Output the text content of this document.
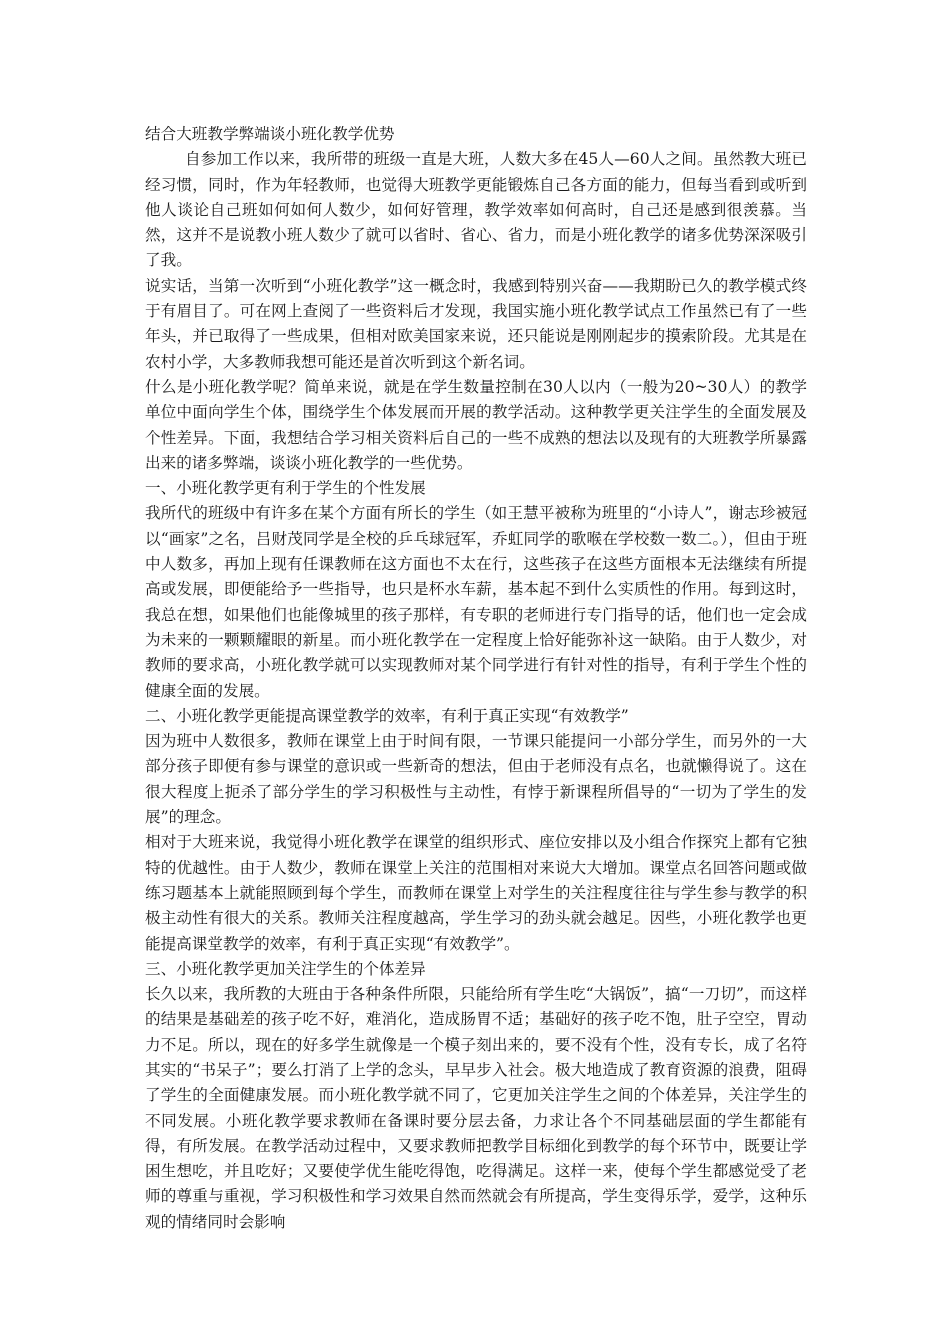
结合大班教学弊端谈小班化教学优势

自参加工作以来，我所带的班级一直是大班，人数大多在45人—60人之间。虽然教大班已经习惯，同时，作为年轻教师，也觉得大班教学更能锻炼自己各方面的能力，但每当看到或听到他人谈论自己班如何如何人数少，如何好管理，教学效率如何高时，自己还是感到很羡慕。当然，这并不是说教小班人数少了就可以省时、省心、省力，而是小班化教学的诸多优势深深吸引了我。

说实话，当第一次听到“小班化教学”这一概念时，我感到特别兴奋——我期盼已久的教学模式终于有眉目了。可在网上查阅了一些资料后才发现，我国实施小班化教学试点工作虽然已有了一些年头，并已取得了一些成果，但相对欧美国家来说，还只能说是刚刚起步的摸索阶段。尤其是在农村小学，大多教师我想可能还是首次听到这个新名词。

什么是小班化教学呢？简单来说，就是在学生数量控制在30人以内（一般为20~30人）的教学单位中面向学生个体，围绕学生个体发展而开展的教学活动。这种教学更关注学生的全面发展及个性差异。下面，我想结合学习相关资料后自己的一些不成熟的想法以及现有的大班教学所暴露出来的诸多弊端，谈谈小班化教学的一些优势。

一、小班化教学更有利于学生的个性发展

我所代的班级中有许多在某个方面有所长的学生（如王慧平被称为班里的“小诗人”，谢志珍被冠以“画家”之名，吕财茂同学是全校的乒乓球冠军，乔虹同学的歌喉在学校数一数二。），但由于班中人数多，再加上现有任课教师在这方面也不太在行，这些孩子在这些方面根本无法继续有所提高或发展，即便能给予一些指导，也只是杯水车薪，基本起不到什么实质性的作用。每到这时，我总在想，如果他们也能像城里的孩子那样，有专职的老师进行专门指导的话，他们也一定会成为未来的一颗颗耀眼的新星。而小班化教学在一定程度上恰好能弥补这一缺陷。由于人数少，对教师的要求高，小班化教学就可以实现教师对某个同学进行有针对性的指导，有利于学生个性的健康全面的发展。

二、小班化教学更能提高课堂教学的效率，有利于真正实现“有效教学”

因为班中人数很多，教师在课堂上由于时间有限，一节课只能提问一小部分学生，而另外的一大部分孩子即便有参与课堂的意识或一些新奇的想法，但由于老师没有点名，也就懒得说了。这在很大程度上扼杀了部分学生的学习积极性与主动性，有悖于新课程所倡导的“一切为了学生的发展”的理念。

相对于大班来说，我觉得小班化教学在课堂的组织形式、座位安排以及小组合作探究上都有它独特的优越性。由于人数少，教师在课堂上关注的范围相对来说大大增加。课堂点名回答问题或做练习题基本上就能照顾到每个学生，而教师在课堂上对学生的关注程度往往与学生参与教学的积极主动性有很大的关系。教师关注程度越高，学生学习的劲头就会越足。因些，小班化教学也更能提高课堂教学的效率，有利于真正实现“有效教学”。

三、小班化教学更加关注学生的个体差异

长久以来，我所教的大班由于各种条件所限，只能给所有学生吃“大锅饭”，搞“一刀切”，而这样的结果是基础差的孩子吃不好，难消化，造成肠胃不适；基础好的孩子吃不饱，肚子空空，胃动力不足。所以，现在的好多学生就像是一个模子刻出来的，要不没有个性，没有专长，成了名符其实的“书呆子”；要么打消了上学的念头，早早步入社会。极大地造成了教育资源的浪费，阻碍了学生的全面健康发展。而小班化教学就不同了，它更加关注学生之间的个体差异，关注学生的不同发展。小班化教学要求教师在备课时要分层去备，力求让各个不同基础层面的学生都能有得，有所发展。在教学活动过程中，又要求教师把教学目标细化到教学的每个环节中，既要让学困生想吃，并且吃好；又要使学优生能吃得饱，吃得满足。这样一来，使每个学生都感觉受了老师的尊重与重视，学习积极性和学习效果自然而然就会有所提高，学生变得乐学，爱学，这种乐观的情绪同时会影响
